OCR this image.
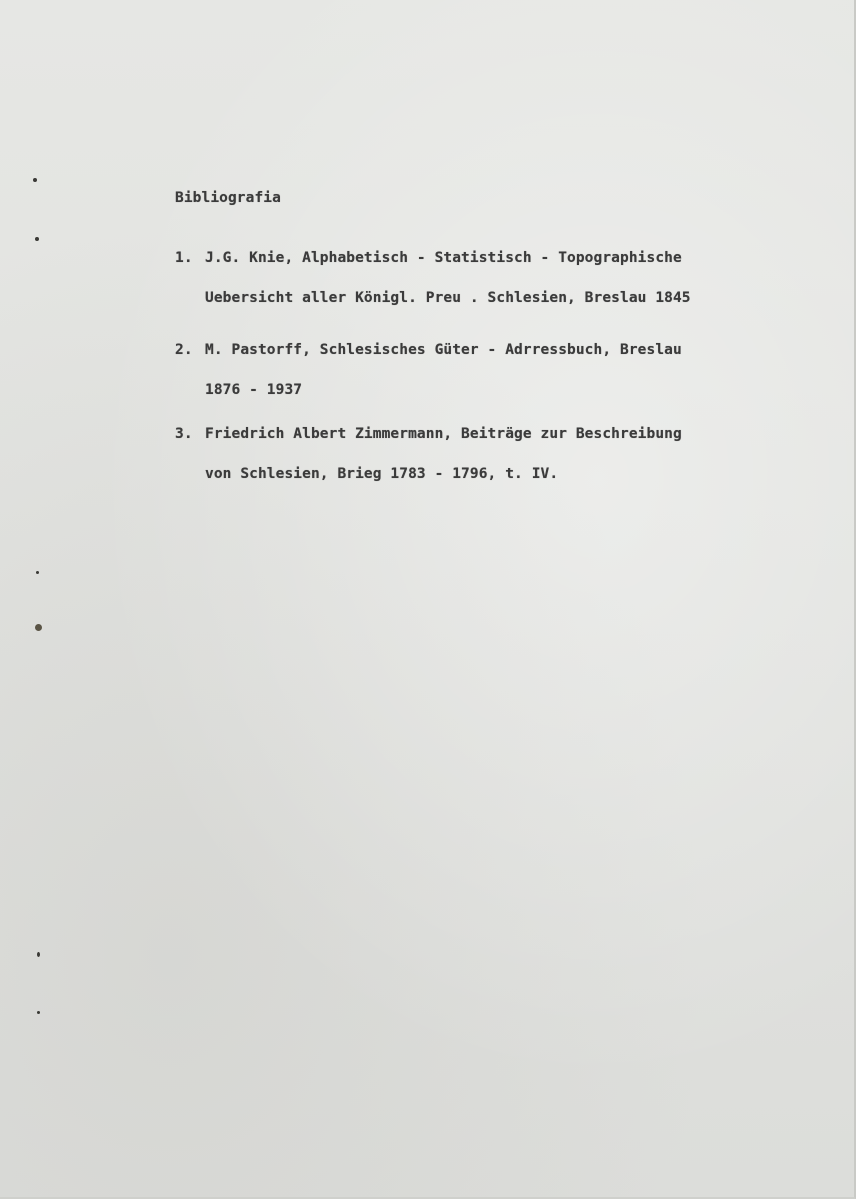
Bibliografia
1. J.G. Knie, Alphabetisch - Statistisch - Topographische
Uebersicht aller Königl. Preu . Schlesien, Breslau 1845
2. M. Pastorff, Schlesisches Güter - Adrressbuch, Breslau
1876 - 1937
3. Friedrich Albert Zimmermann, Beiträge zur Beschreibung
von Schlesien, Brieg 1783 - 1796, t. IV.
